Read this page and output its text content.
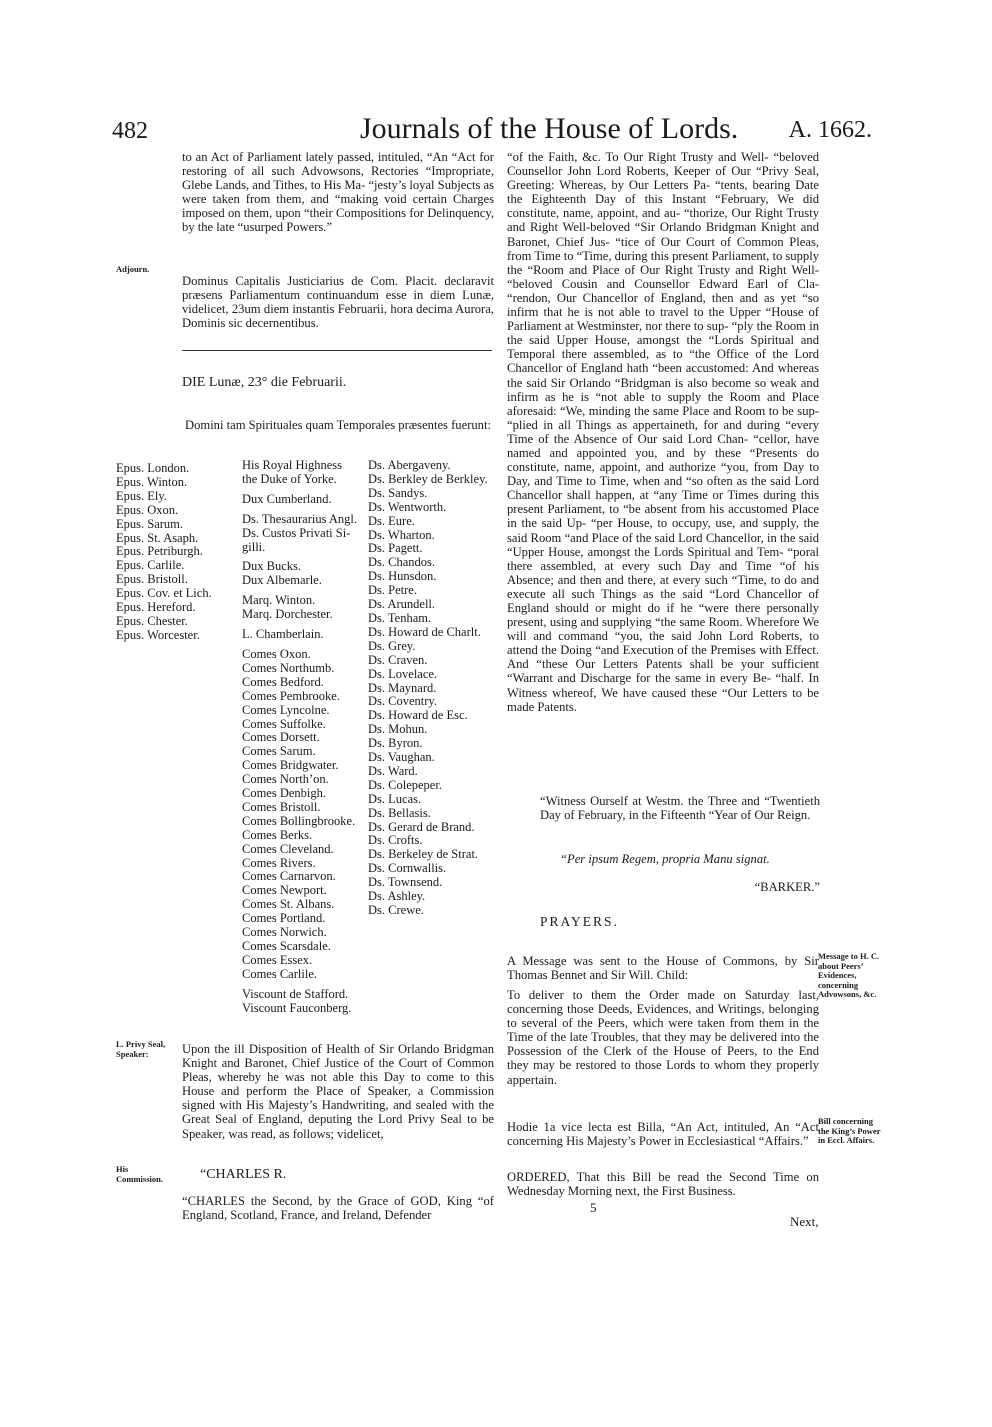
482	Journals of the House of Lords. A. 1662.
to an Act of Parliament lately passed, intituled, “An “Act for restoring of all such Advowsons, Rectories “Impropriate, Glebe Lands, and Tithes, to His Ma- “jesty’s loyal Subjects as were taken from them, and “making void certain Charges imposed on them, upon “their Compositions for Delinquency, by the late “usurped Powers.”
Adjourn.
Dominus Capitalis Justiciarius de Com. Placit. declaravit præsens Parliamentum continuandum esse in diem Lunæ, videlicet, 23um diem instantis Februarii, hora decima Aurora, Dominis sic decernentibus.
DIE Lunæ, 23° die Februarii.
Domini tam Spirituales quam Temporales præsentes fuerunt:
Epus. London.
Epus. Winton.
Epus. Ely.
Epus. Oxon.
Epus. Sarum.
Epus. St. Asaph.
Epus. Petriburgh.
Epus. Carlile.
Epus. Bristoll.
Epus. Cov. et Lich.
Epus. Hereford.
Epus. Chester.
Epus. Worcester.
His Royal Highness
the Duke of Yorke.
Dux Cumberland.
Ds. Thesaurarius Angl.
Ds. Custos Privati Si-
gilli.
Dux Bucks.
Dux Albemarle.
Marq. Winton.
Marq. Dorchester.
L. Chamberlain.
Comes Oxon.
Comes Northumb.
Comes Bedford.
Comes Pembrooke.
Comes Lyncolne.
Comes Suffolke.
Comes Dorsett.
Comes Sarum.
Comes Bridgwater.
Comes North’on.
Comes Denbigh.
Comes Bristoll.
Comes Bollingbrooke.
Comes Berks.
Comes Cleveland.
Comes Rivers.
Comes Carnarvon.
Comes Newport.
Comes St. Albans.
Comes Portland.
Comes Norwich.
Comes Scarsdale.
Comes Essex.
Comes Carlile.
Viscount de Stafford.
Viscount Fauconberg.
Ds. Abergaveny.
Ds. Berkley de Berkley.
Ds. Sandys.
Ds. Wentworth.
Ds. Eure.
Ds. Wharton.
Ds. Pagett.
Ds. Chandos.
Ds. Hunsdon.
Ds. Petre.
Ds. Arundell.
Ds. Tenham.
Ds. Howard de Charlt.
Ds. Grey.
Ds. Craven.
Ds. Lovelace.
Ds. Maynard.
Ds. Coventry.
Ds. Howard de Esc.
Ds. Mohun.
Ds. Byron.
Ds. Vaughan.
Ds. Ward.
Ds. Colepeper.
Ds. Lucas.
Ds. Bellasis.
Ds. Gerard de Brand.
Ds. Crofts.
Ds. Berkeley de Strat.
Ds. Cornwallis.
Ds. Townsend.
Ds. Ashley.
Ds. Crewe.
L. Privy Seal, Speaker:	Upon the ill Disposition of Health of Sir Orlando Bridgman Knight and Baronet, Chief Justice of the Court of Common Pleas, whereby he was not able this Day to come to this House and perform the Place of Speaker, a Commission signed with His Majesty’s Handwriting, and sealed with the Great Seal of England, deputing the Lord Privy Seal to be Speaker, was read, as follows; videlicet,
His Commission.	“CHARLES R.
“CHARLES the Second, by the Grace of GOD, King “of England, Scotland, France, and Ireland, Defender
“of the Faith, &c. To Our Right Trusty and Well- “beloved Counsellor John Lord Roberts, Keeper of Our “Privy Seal, Greeting: Whereas, by Our Letters Pa- “tents, bearing Date the Eighteenth Day of this Instant “February, We did constitute, name, appoint, and au- “thorize, Our Right Trusty and Right Well-beloved “Sir Orlando Bridgman Knight and Baronet, Chief Jus- “tice of Our Court of Common Pleas, from Time to “Time, during this present Parliament, to supply the “Room and Place of Our Right Trusty and Right Well- “beloved Cousin and Counsellor Edward Earl of Cla- “rendon, Our Chancellor of England, then and as yet “so infirm that he is not able to travel to the Upper “House of Parliament at Westminster, nor there to sup- “ply the Room in the said Upper House, amongst the “Lords Spiritual and Temporal there assembled, as to “the Office of the Lord Chancellor of England hath “been accustomed: And whereas the said Sir Orlando “Bridgman is also become so weak and infirm as he is “not able to supply the Room and Place aforesaid: “We, minding the same Place and Room to be sup- “plied in all Things as appertaineth, for and during “every Time of the Absence of Our said Lord Chan- “cellor, have named and appointed you, and by these “Presents do constitute, name, appoint, and authorize “you, from Day to Day, and Time to Time, when and “so often as the said Lord Chancellor shall happen, at “any Time or Times during this present Parliament, to “be absent from his accustomed Place in the said Up- “per House, to occupy, use, and supply, the said Room “and Place of the said Lord Chancellor, in the said “Upper House, amongst the Lords Spiritual and Tem- “poral there assembled, at every such Day and Time “of his Absence; and then and there, at every such “Time, to do and execute all such Things as the said “Lord Chancellor of England should or might do if he “were there personally present, using and supplying “the same Room. Wherefore We will and command “you, the said John Lord Roberts, to attend the Doing “and Execution of the Premises with Effect. And “these Our Letters Patents shall be your sufficient “Warrant and Discharge for the same in every Be- “half. In Witness whereof, We have caused these “Our Letters to be made Patents.
“Witness Ourself at Westm. the Three and “Twentieth Day of February, in the Fifteenth “Year of Our Reign.
“Per ipsum Regem, propria Manu signat.
“BARKER.”
PRAYERS.
A Message was sent to the House of Commons, by Sir Thomas Bennet and Sir Will. Child:
Message to H. C. about Peers’ Evidences, concerning Advowsons, &c.
To deliver to them the Order made on Saturday last, concerning those Deeds, Evidences, and Writings, belonging to several of the Peers, which were taken from them in the Time of the late Troubles, that they may be delivered into the Possession of the Clerk of the House of Peers, to the End they may be restored to those Lords to whom they properly appertain.
Hodie 1a vice lecta est Billa, “An Act, intituled, An “Act concerning His Majesty’s Power in Ecclesiastical “Affairs.”
Bill concerning the King’s Power in Eccl. Affairs.
ORDERED, That this Bill be read the Second Time on Wednesday Morning next, the First Business.
5
Next,
